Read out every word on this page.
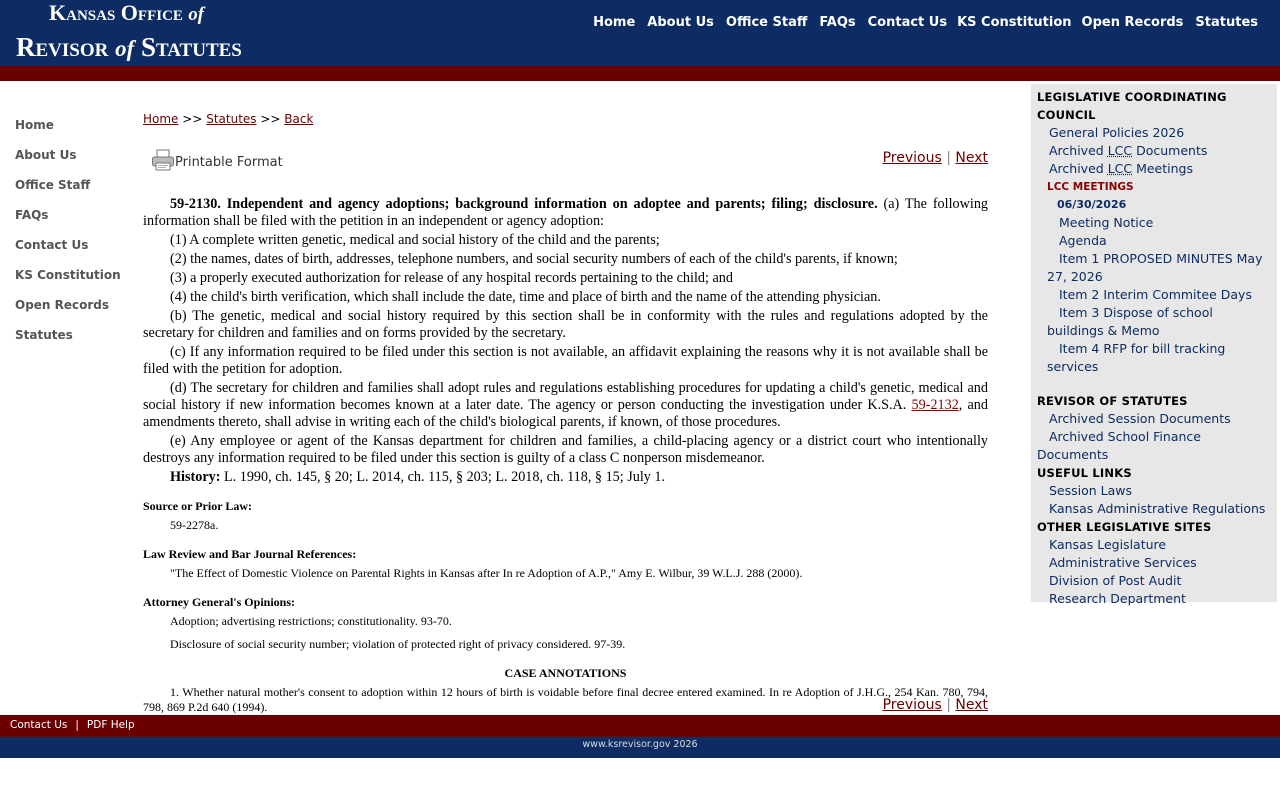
Kansas Office of
Revisor of Statutes
Home About Us Office Staff FAQs Contact Us KS Constitution Open Records Statutes
Home
About Us
Office Staff
FAQs
Contact Us
KS Constitution
Open Records
Statutes
Home >> Statutes >> Back
Printable Format	Previous | Next

59-2130. Independent and agency adoptions; background information on adoptee and parents; filing; disclosure. (a) The following information shall be filed with the petition in an independent or agency adoption:

(1) A complete written genetic, medical and social history of the child and the parents;

(2) the names, dates of birth, addresses, telephone numbers, and social security numbers of each of the child's parents, if known;

(3) a properly executed authorization for release of any hospital records pertaining to the child; and

(4) the child's birth verification, which shall include the date, time and place of birth and the name of the attending physician.

(b) The genetic, medical and social history required by this section shall be in conformity with the rules and regulations adopted by the secretary for children and families and on forms provided by the secretary.

(c) If any information required to be filed under this section is not available, an affidavit explaining the reasons why it is not available shall be filed with the petition for adoption.

(d) The secretary for children and families shall adopt rules and regulations establishing procedures for updating a child's genetic, medical and social history if new information becomes known at a later date. The agency or person conducting the investigation under K.S.A. 59-2132, and amendments thereto, shall advise in writing each of the child's biological parents, if known, of those procedures.

(e) Any employee or agent of the Kansas department for children and families, a child-placing agency or a district court who intentionally destroys any information required to be filed under this section is guilty of a class C nonperson misdemeanor.

History: L. 1990, ch. 145, § 20; L. 2014, ch. 115, § 203; L. 2018, ch. 118, § 15; July 1.

Source or Prior Law:
59-2278a.
Law Review and Bar Journal References:
"The Effect of Domestic Violence on Parental Rights in Kansas after In re Adoption of A.P.," Amy E. Wilbur, 39 W.L.J. 288 (2000).
Attorney General's Opinions:
Adoption; advertising restrictions; constitutionality. 93-70.
Disclosure of social security number; violation of protected right of privacy considered. 97-39.
CASE ANNOTATIONS
1. Whether natural mother's consent to adoption within 12 hours of birth is voidable before final decree entered examined. In re Adoption of J.H.G., 254 Kan. 780, 794, 798, 869 P.2d 640 (1994).	Previous | Next
LEGISLATIVE COORDINATING COUNCIL
General Policies 2026
Archived LCC Documents
Archived LCC Meetings
LCC MEETINGS
06/30/2026
Meeting Notice
Agenda
Item 1 PROPOSED MINUTES May
27, 2026
Item 2 Interim Commitee Days
Item 3 Dispose of school
buildings & Memo
Item 4 RFP for bill tracking
services
REVISOR OF STATUTES
Archived Session Documents
Archived School Finance
Documents
USEFUL LINKS
Session Laws
Kansas Administrative Regulations
OTHER LEGISLATIVE SITES
Kansas Legislature
Administrative Services
Division of Post Audit
Research Department
Contact Us | PDF Help
www.ksrevisor.gov 2026
